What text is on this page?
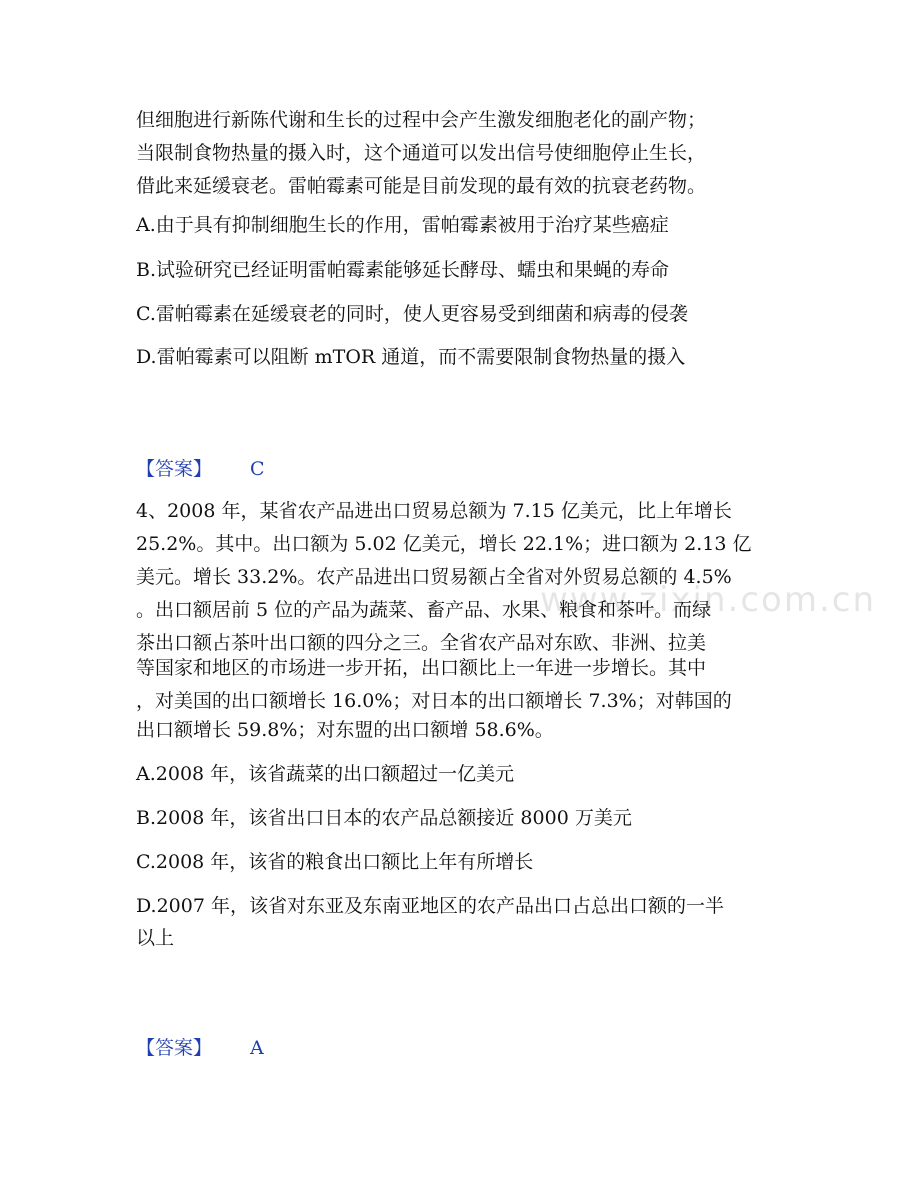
但细胞进行新陈代谢和生长的过程中会产生激发细胞老化的副产物；
当限制食物热量的摄入时，这个通道可以发出信号使细胞停止生长，
借此来延缓衰老。雷帕霉素可能是目前发现的最有效的抗衰老药物。
A.由于具有抑制细胞生长的作用，雷帕霉素被用于治疗某些癌症
B.试验研究已经证明雷帕霉素能够延长酵母、蠕虫和果蝇的寿命
C.雷帕霉素在延缓衰老的同时，使人更容易受到细菌和病毒的侵袭
D.雷帕霉素可以阻断 mTOR 通道，而不需要限制食物热量的摄入
【答案】 C
4、2008 年，某省农产品进出口贸易总额为 7.15 亿美元，比上年增长
25.2%。其中。出口额为 5.02 亿美元，增长 22.1%；进口额为 2.13 亿
美元。增长 33.2%。农产品进出口贸易额占全省对外贸易总额的 4.5%
。出口额居前 5 位的产品为蔬菜、畜产品、水果、粮食和茶叶。而绿
茶出口额占茶叶出口额的四分之三。全省农产品对东欧、非洲、拉美
等国家和地区的市场进一步开拓，出口额比上一年进一步增长。其中
，对美国的出口额增长 16.0%；对日本的出口额增长 7.3%；对韩国的
出口额增长 59.8%；对东盟的出口额增 58.6%。
A.2008 年，该省蔬菜的出口额超过一亿美元
B.2008 年，该省出口日本的农产品总额接近 8000 万美元
C.2008 年，该省的粮食出口额比上年有所增长
D.2007 年，该省对东亚及东南亚地区的农产品出口占总出口额的一半
以上
【答案】 A
www.zixin.com.cn
